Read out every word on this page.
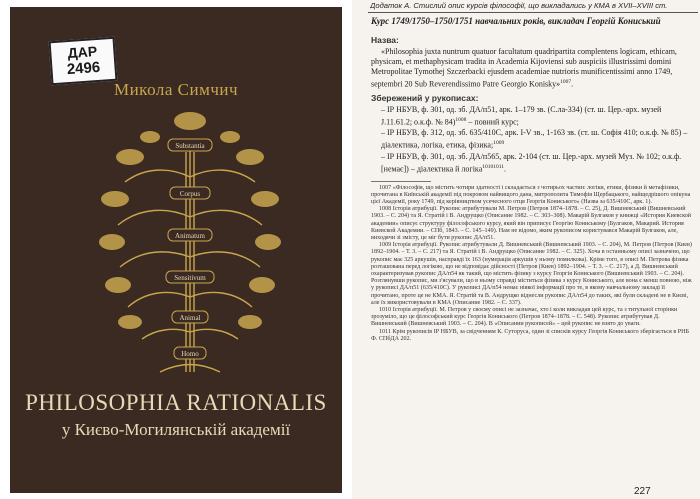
ДАР
2496
Микола Симчич
Substantia
Corpus
Animatum
Sensitivum
Animal
Homo
PHILOSOPHIA RATIONALIS
у Києво-Могилянській академії
Додаток А. Стислий опис курсів філософії, що викладались у КМА в XVII–XVIII ст.

Курс 1749/1750–1750/1751 навчальних років, викладач Георгій Кониський

Назва:

«Philosophia juxta nuntrum quatuor facultatum quadripartita complentens logicam, ethicam, physicam, et methaphysicam tradita in Academia Kijoviensi sub auspiciis illustrissimi domini Metropolitae Tymothej Szczerbacki ejusdem academiae nutrioris munificentissimi anno 1749, septembri 20 Sub Reverendissimo Patre Georgio Konisky»$^{1007}$.

Збережений у рукописах:

– ІР НБУВ, ф. 301, од. зб. ДА/п51, арк. 1–179 зв. (С.ла-334) (ст. ш. Цер.-арх. музей J.11.61.2; о.к.ф. № 84)$^{1008}$ – повний курс;

– ІР НБУВ, ф. 312, од. зб. 635/410С, арк. I-V зв., 1-163 зв. (ст. ш. Софія 410; о.к.ф. № 85) – діалектика, логіка, етика, фізика;$^{1009}$

– ІР НБУВ, ф. 301, од. зб. ДА/п565, арк. 2-104 (ст. ш. Цер.-арх. музей Муз. № 102; о.к.ф. [немає]) – діалектика й логіка$^{10101011}$.

1007 «Філософія, що містить чотири здатності і складається з чотирьох частин: логіки, етики, фізики й метафізики, прочитана в Київській академії під покровом найвищого дана, митрополита Тимофія Щербацького, найщедрішого опікуна цієї Академії, року 1749, під керівництвом усечесного отця Георгія Кониського» (Назва за 635/410С, арк. 1).

1008 Історія атрибуції. Рукопис атрибутували М. Петров (Петров 1874–1878. – С. 25), Д. Вишневський (Вишневський 1903. – С. 204) та Я. Стратій і В. Андрущко (Описание 1982. – С. 303–308). Макарій Булгаков у книжці «История Киевской академии» описує структуру філософського курсу, який він приписує Георгію Кониському (Булгаков, Макарий. История Киевской Академии. – СПб, 1843. – С. 145–149). Нам не відомо, яким рукописом користувався Макарій Булгаков, але, виходячи зі змісту, це міг бути рукопис ДА/п51.

1009 Історія атрибуції. Рукопис атрибутували Д. Вишневський (Вишневський 1903. – С. 204), М. Петров (Петров (Киев) 1892–1904. – Т. 3. – С. 217) та Я. Стратій і В. Андрущко (Описание 1982. – С. 325). Хоча в останньому описі зазначено, що рукопис має 325 аркушів, насправді їх 163 (нумерація аркушів у ньому помилкова). Кріме того, в описі М. Петрова фізика розташована перед логікою, що не відповідає дійсності (Петров (Киев) 1892–1904. – Т. 3. – С. 217), а Д. Вишневський охарактеризував рукопис ДА/п54 як такий, що містить фізику з курсу Георгія Кониського (Вишневський 1903. – С. 204). Розглянувши рукопис, ми з'ясували, що в ньому справді міститься фізика з курсу Кониського, але вона є менш повною, ніж у рукописі ДА/п51 (635/410С). У рукописі ДА/п54 немає ніякої інформації про те, в якому навчальному закладі її прочитано, проте це не КМА. Я. Стратій та В. Андрущко віднесли рукопис ДА/п54 до таких, які були складені не в Києві, але їх використовували в КМА (Описание 1982. – С. 337).

1010 Історія атрибуції. М. Петров у своєму описі не зазначає, хто і коли викладав цей курс, та з титульної сторінки зрозуміло, що це філософський курс Георгія Кониського (Петров 1874–1878. – С. 548). Рукопис атрибутував Д. Вишневський (Вишневський 1903. – С. 204). В «Описании рукописей» – цей рукопис не взято до уваги.

1011 Крім рукописів ІР НБУВ, за свідченням К. Сутоpуса, один зі списків курсу Георгія Кониського зберігається в РНБ Ф. СПбДА 202.

227
